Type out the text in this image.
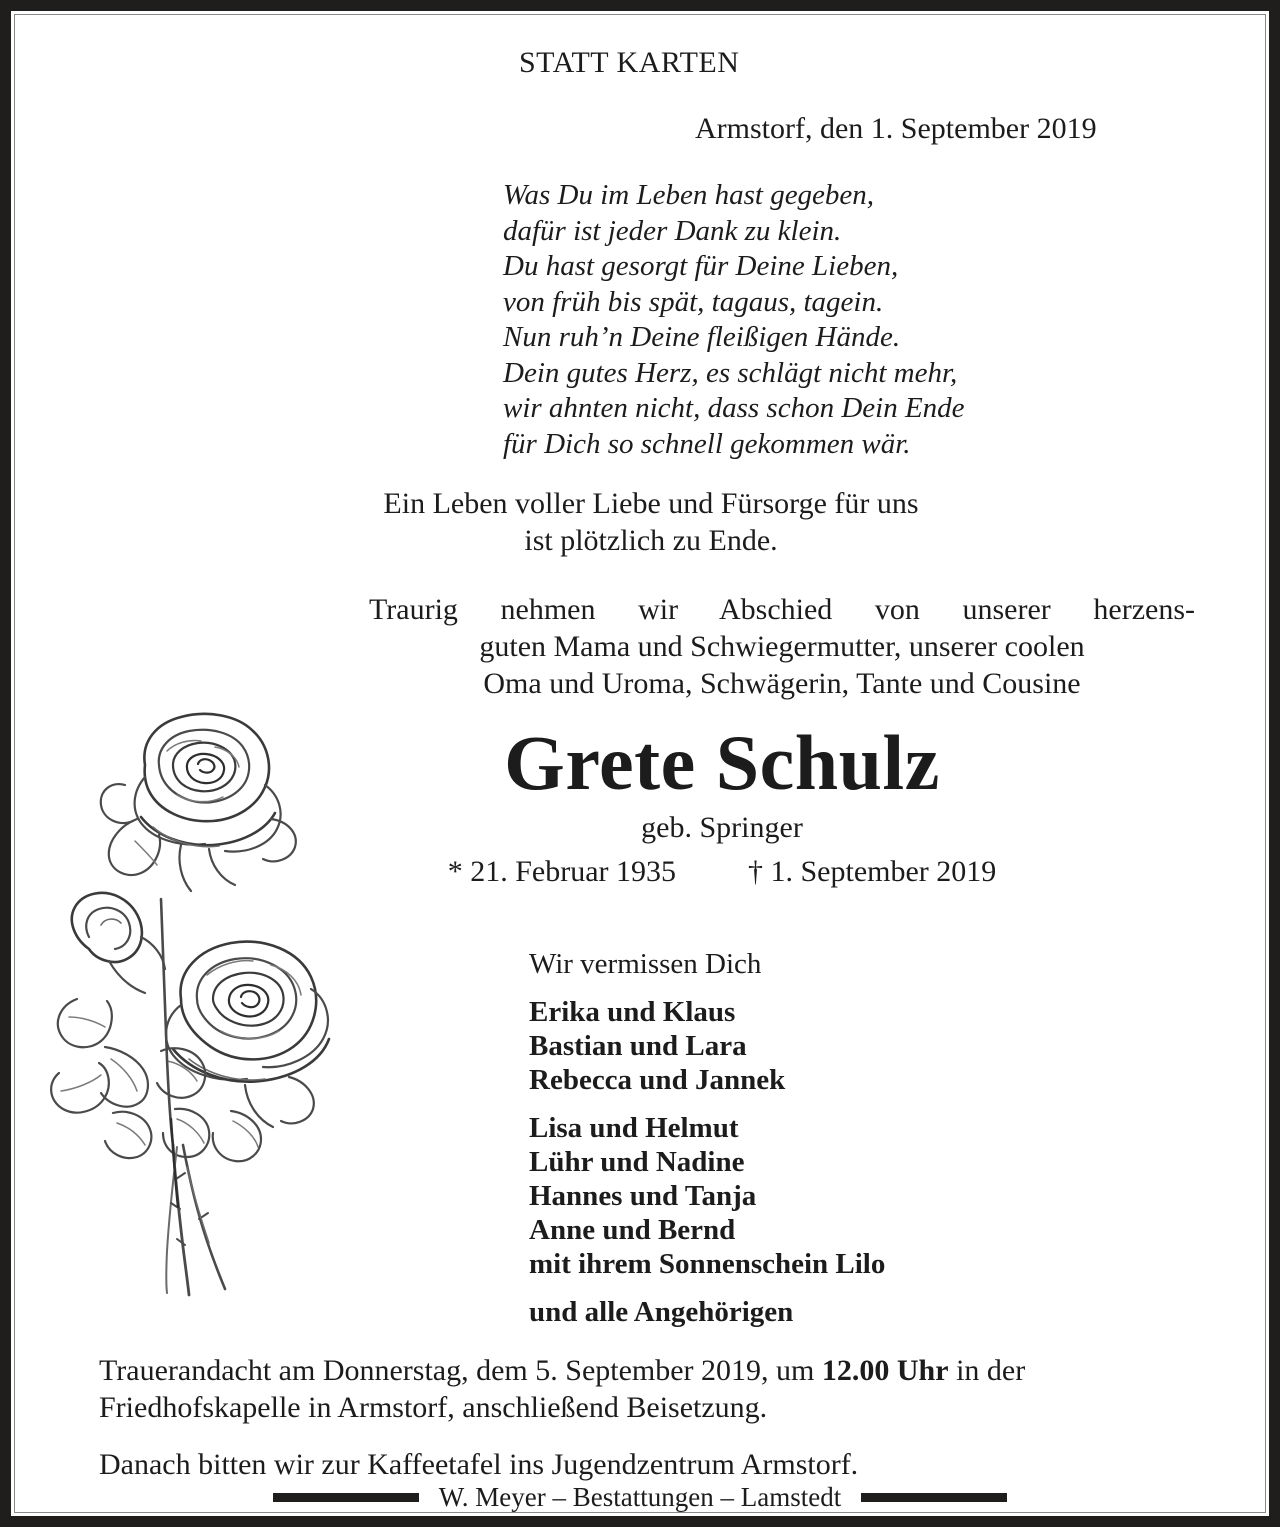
STATT KARTEN
Armstorf, den 1. September 2019
Was Du im Leben hast gegeben,
dafür ist jeder Dank zu klein.
Du hast gesorgt für Deine Lieben,
von früh bis spät, tagaus, tagein.
Nun ruh’n Deine fleißigen Hände.
Dein gutes Herz, es schlägt nicht mehr,
wir ahnten nicht, dass schon Dein Ende
für Dich so schnell gekommen wär.
Ein Leben voller Liebe und Fürsorge für uns
ist plötzlich zu Ende.
Traurig nehmen wir Abschied von unserer herzens-
guten Mama und Schwiegermutter, unserer coolen
Oma und Uroma, Schwägerin, Tante und Cousine
Grete Schulz
geb. Springer
* 21. Februar 1935 † 1. September 2019
Wir vermissen Dich
Erika und Klaus
Bastian und Lara
Rebecca und Jannek
Lisa und Helmut
Lühr und Nadine
Hannes und Tanja
Anne und Bernd
mit ihrem Sonnenschein Lilo
und alle Angehörigen

Trauerandacht am Donnerstag, dem 5. September 2019, um 12.00 Uhr in der Friedhofskapelle in Armstorf, anschließend Beisetzung.

Danach bitten wir zur Kaffeetafel ins Jugendzentrum Armstorf.

W. Meyer – Bestattungen – Lamstedt
